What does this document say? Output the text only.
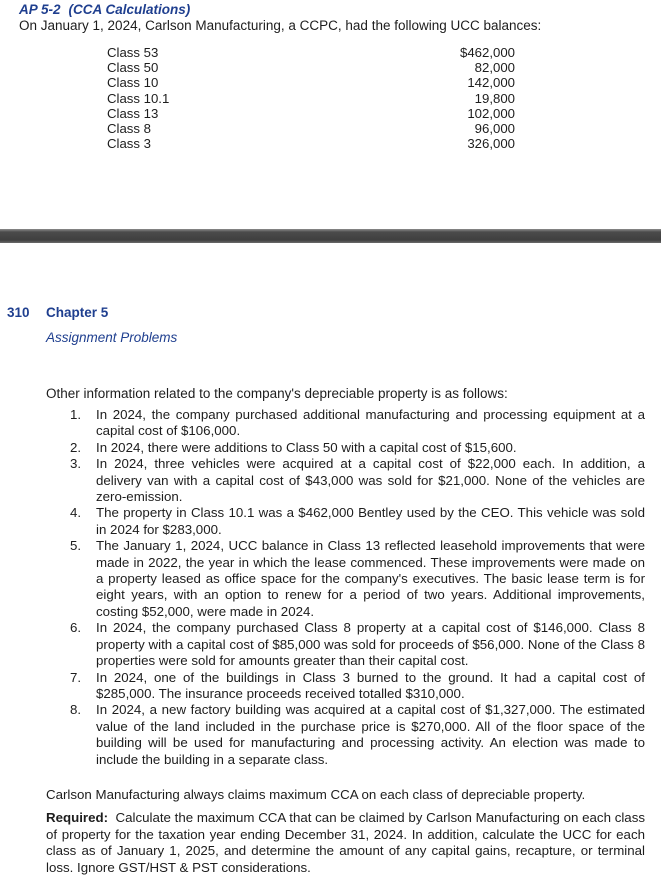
AP 5-2 (CCA Calculations)
On January 1, 2024, Carlson Manufacturing, a CCPC, had the following UCC balances:
Class 53	$462,000
Class 50	82,000
Class 10	142,000
Class 10.1	19,800
Class 13	102,000
Class 8	96,000
Class 3	326,000
310 Chapter 5
Assignment Problems
Other information related to the company's depreciable property is as follows:
1. In 2024, the company purchased additional manufacturing and processing equipment at a capital cost of $106,000.
2. In 2024, there were additions to Class 50 with a capital cost of $15,600.
3. In 2024, three vehicles were acquired at a capital cost of $22,000 each. In addition, a delivery van with a capital cost of $43,000 was sold for $21,000. None of the vehicles are zero-emission.
4. The property in Class 10.1 was a $462,000 Bentley used by the CEO. This vehicle was sold in 2024 for $283,000.
5. The January 1, 2024, UCC balance in Class 13 reflected leasehold improvements that were made in 2022, the year in which the lease commenced. These improvements were made on a property leased as office space for the company's executives. The basic lease term is for eight years, with an option to renew for a period of two years. Additional improvements, costing $52,000, were made in 2024.
6. In 2024, the company purchased Class 8 property at a capital cost of $146,000. Class 8 property with a capital cost of $85,000 was sold for proceeds of $56,000. None of the Class 8 properties were sold for amounts greater than their capital cost.
7. In 2024, one of the buildings in Class 3 burned to the ground. It had a capital cost of $285,000. The insurance proceeds received totalled $310,000.
8. In 2024, a new factory building was acquired at a capital cost of $1,327,000. The estimated value of the land included in the purchase price is $270,000. All of the floor space of the building will be used for manufacturing and processing activity. An election was made to include the building in a separate class.
Carlson Manufacturing always claims maximum CCA on each class of depreciable property.
Required: Calculate the maximum CCA that can be claimed by Carlson Manufacturing on each class of property for the taxation year ending December 31, 2024. In addition, calculate the UCC for each class as of January 1, 2025, and determine the amount of any capital gains, recapture, or terminal loss. Ignore GST/HST & PST considerations.
